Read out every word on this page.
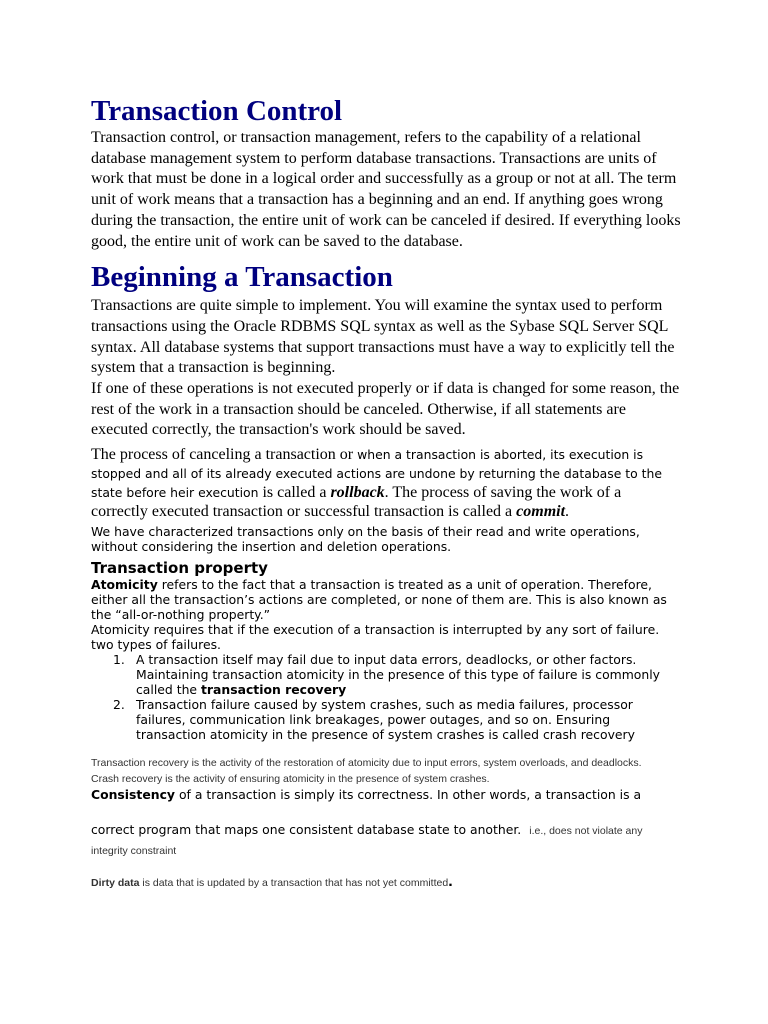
Transaction Control

Transaction control, or transaction management, refers to the capability of a relational database management system to perform database transactions. Transactions are units of work that must be done in a logical order and successfully as a group or not at all. The term unit of work means that a transaction has a beginning and an end. If anything goes wrong during the transaction, the entire unit of work can be canceled if desired. If everything looks good, the entire unit of work can be saved to the database.

Beginning a Transaction

Transactions are quite simple to implement. You will examine the syntax used to perform transactions using the Oracle RDBMS SQL syntax as well as the Sybase SQL Server SQL syntax. All database systems that support transactions must have a way to explicitly tell the system that a transaction is beginning.

If one of these operations is not executed properly or if data is changed for some reason, the rest of the work in a transaction should be canceled. Otherwise, if all statements are executed correctly, the transaction's work should be saved.

The process of canceling a transaction or when a transaction is aborted, its execution is stopped and all of its already executed actions are undone by returning the database to the state before heir execution is called a rollback. The process of saving the work of a correctly executed transaction or successful transaction is called a commit.

We have characterized transactions only on the basis of their read and write operations, without considering the insertion and deletion operations.

Transaction property

Atomicity refers to the fact that a transaction is treated as a unit of operation. Therefore, either all the transaction’s actions are completed, or none of them are. This is also known as the “all-or-nothing property.”

Atomicity requires that if the execution of a transaction is interrupted by any sort of failure. two types of failures.

1. A transaction itself may fail due to input data errors, deadlocks, or other factors. Maintaining transaction atomicity in the presence of this type of failure is commonly called the transaction recovery

2. Transaction failure caused by system crashes, such as media failures, processor failures, communication link breakages, power outages, and so on. Ensuring transaction atomicity in the presence of system crashes is called crash recovery

Transaction recovery is the activity of the restoration of atomicity due to input errors, system overloads, and deadlocks.

Crash recovery is the activity of ensuring atomicity in the presence of system crashes.

Consistency of a transaction is simply its correctness. In other words, a transaction is a

correct program that maps one consistent database state to another. i.e., does not violate any integrity constraint

Dirty data is data that is updated by a transaction that has not yet committed.
